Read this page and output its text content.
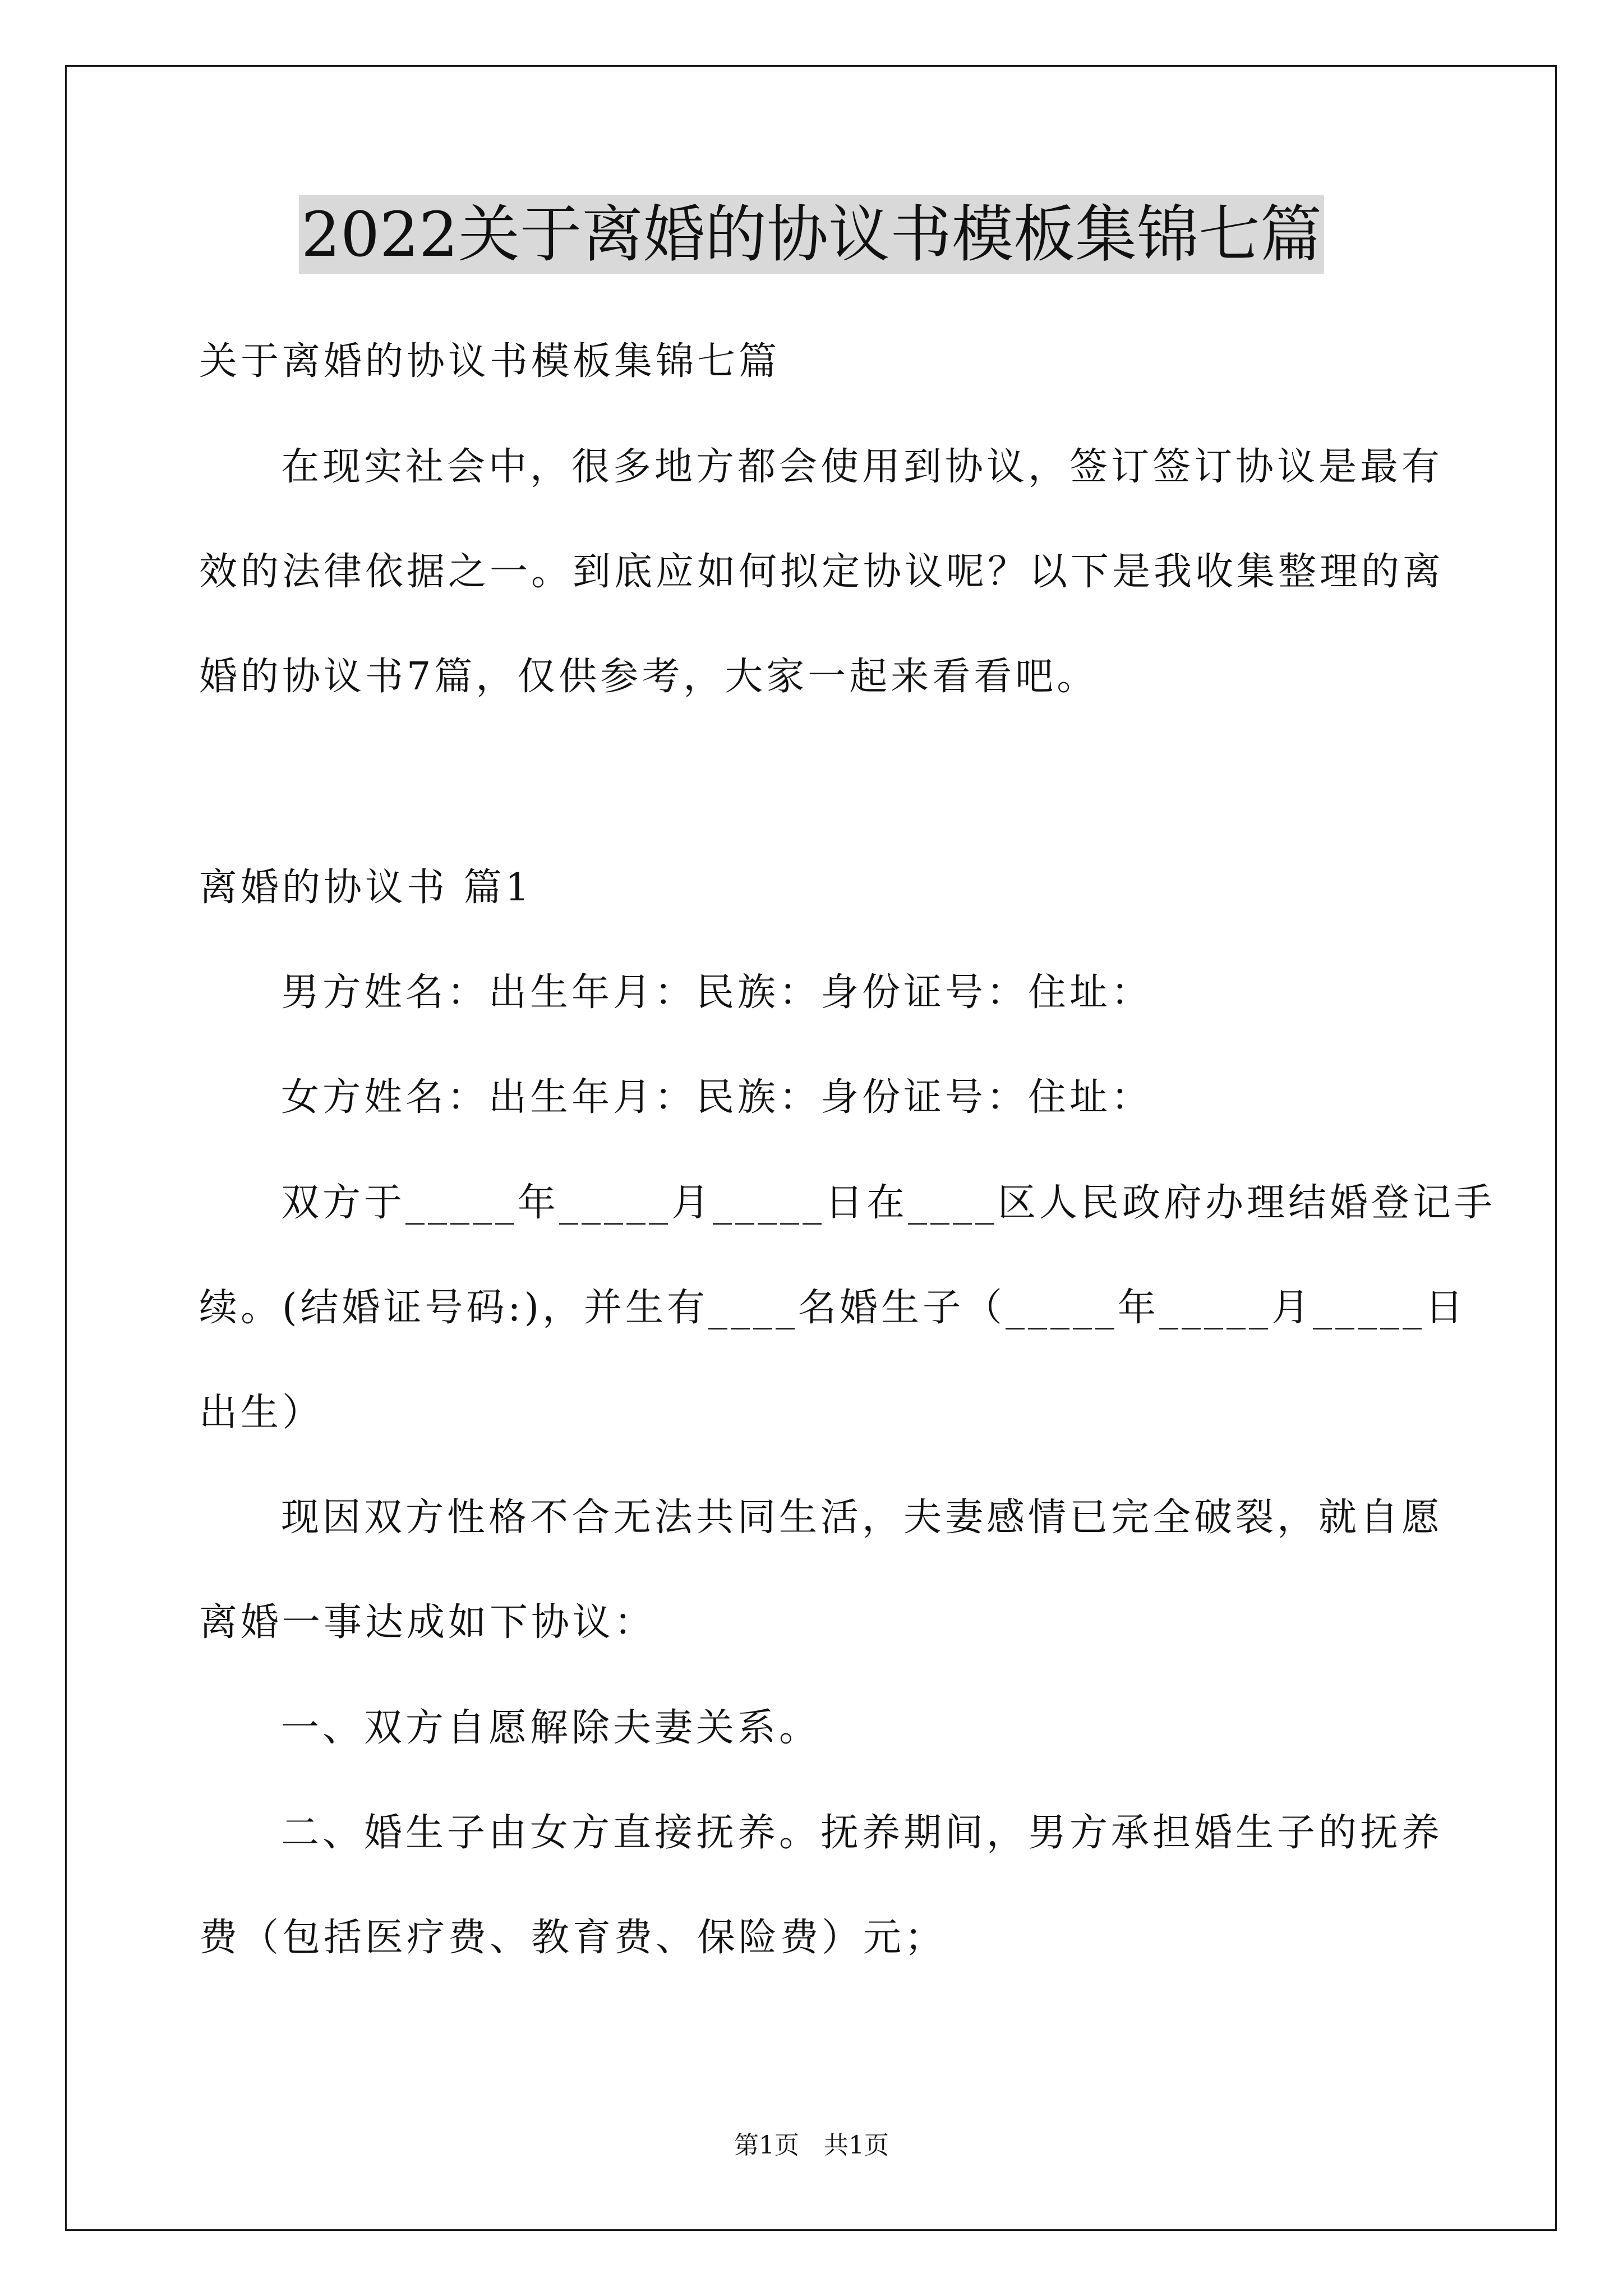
2022关于离婚的协议书模板集锦七篇
关于离婚的协议书模板集锦七篇
在现实社会中，很多地方都会使用到协议，签订签订协议是最有
效的法律依据之一。到底应如何拟定协议呢？以下是我收集整理的离
婚的协议书7篇，仅供参考，大家一起来看看吧。
离婚的协议书 篇1
男方姓名：出生年月：民族：身份证号：住址：
女方姓名：出生年月：民族：身份证号：住址：
双方于_____年_____月_____日在____区人民政府办理结婚登记手
续。(结婚证号码:)，并生有____名婚生子（_____年_____月_____日
出生）
现因双方性格不合无法共同生活，夫妻感情已完全破裂，就自愿
离婚一事达成如下协议：
一、双方自愿解除夫妻关系。
二、婚生子由女方直接抚养。抚养期间，男方承担婚生子的抚养
费（包括医疗费、教育费、保险费）元；
第1页　共1页
